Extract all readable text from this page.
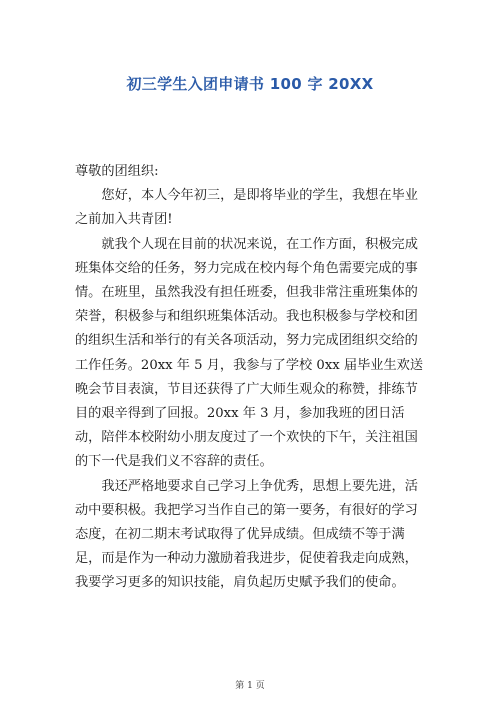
初三学生入团申请书 100 字 20XX

尊敬的团组织:

您好，本人今年初三，是即将毕业的学生，我想在毕业之前加入共青团!

就我个人现在目前的状况来说，在工作方面，积极完成班集体交给的任务，努力完成在校内每个角色需要完成的事情。在班里，虽然我没有担任班委，但我非常注重班集体的荣誉，积极参与和组织班集体活动。我也积极参与学校和团的组织生活和举行的有关各项活动，努力完成团组织交给的工作任务。20xx 年 5 月，我参与了学校 0xx 届毕业生欢送晚会节目表演，节目还获得了广大师生观众的称赞，排练节目的艰辛得到了回报。20xx 年 3 月，参加我班的团日活动，陪伴本校附幼小朋友度过了一个欢快的下午，关注祖国的下一代是我们义不容辞的责任。

我还严格地要求自己学习上争优秀，思想上要先进，活动中要积极。我把学习当作自己的第一要务，有很好的学习态度，在初二期末考试取得了优异成绩。但成绩不等于满足，而是作为一种动力激励着我进步，促使着我走向成熟，我要学习更多的知识技能，肩负起历史赋予我们的使命。

第 1 页
